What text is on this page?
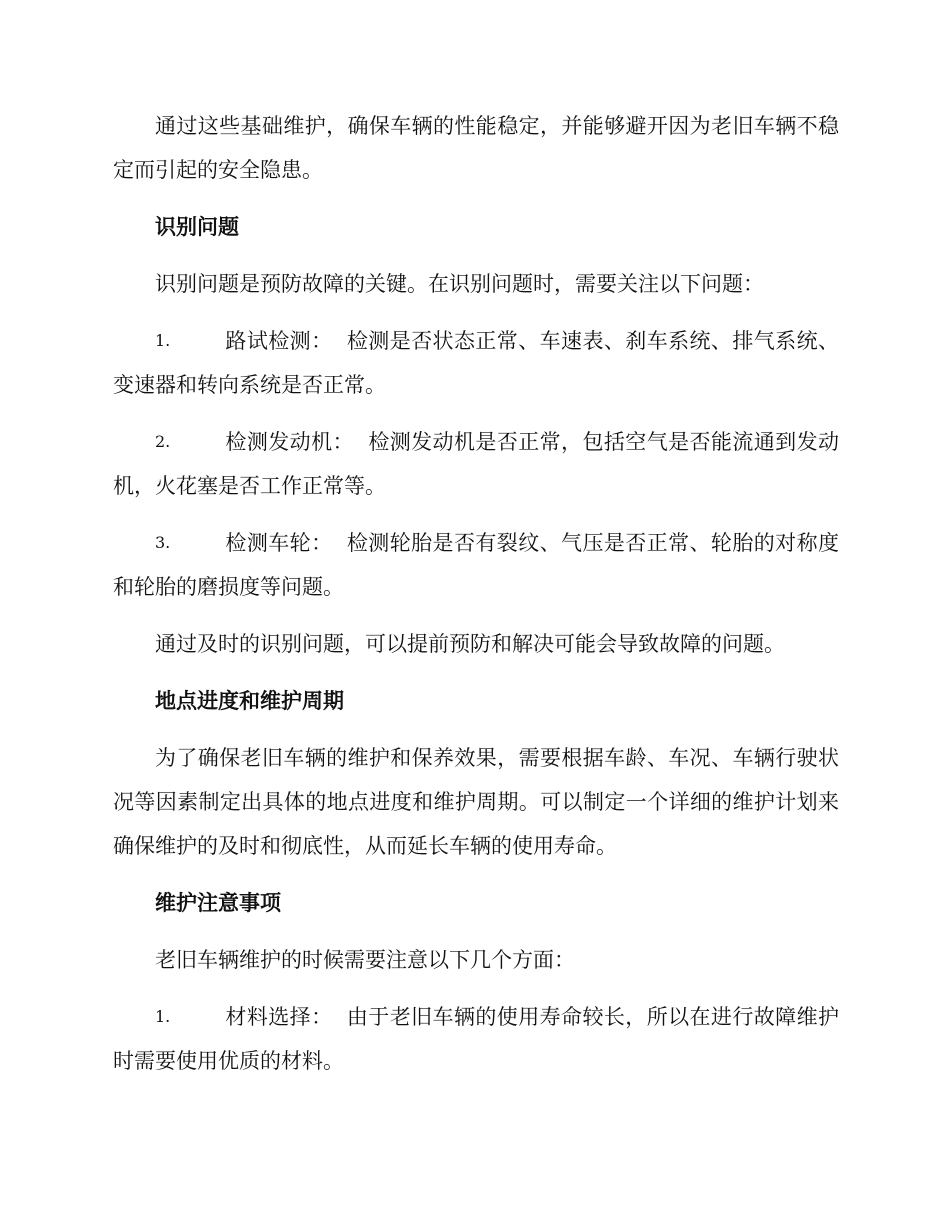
通过这些基础维护，确保车辆的性能稳定，并能够避开因为老旧车辆不稳定而引起的安全隐患。

识别问题

识别问题是预防故障的关键。在识别问题时，需要关注以下问题：

1.	路试检测： 检测是否状态正常、车速表、刹车系统、排气系统、变速器和转向系统是否正常。

2.	检测发动机： 检测发动机是否正常，包括空气是否能流通到发动机，火花塞是否工作正常等。

3.	检测车轮： 检测轮胎是否有裂纹、气压是否正常、轮胎的对称度和轮胎的磨损度等问题。

通过及时的识别问题，可以提前预防和解决可能会导致故障的问题。

地点进度和维护周期

为了确保老旧车辆的维护和保养效果，需要根据车龄、车况、车辆行驶状况等因素制定出具体的地点进度和维护周期。可以制定一个详细的维护计划来确保维护的及时和彻底性，从而延长车辆的使用寿命。

维护注意事项

老旧车辆维护的时候需要注意以下几个方面：

1.	材料选择： 由于老旧车辆的使用寿命较长，所以在进行故障维护时需要使用优质的材料。
